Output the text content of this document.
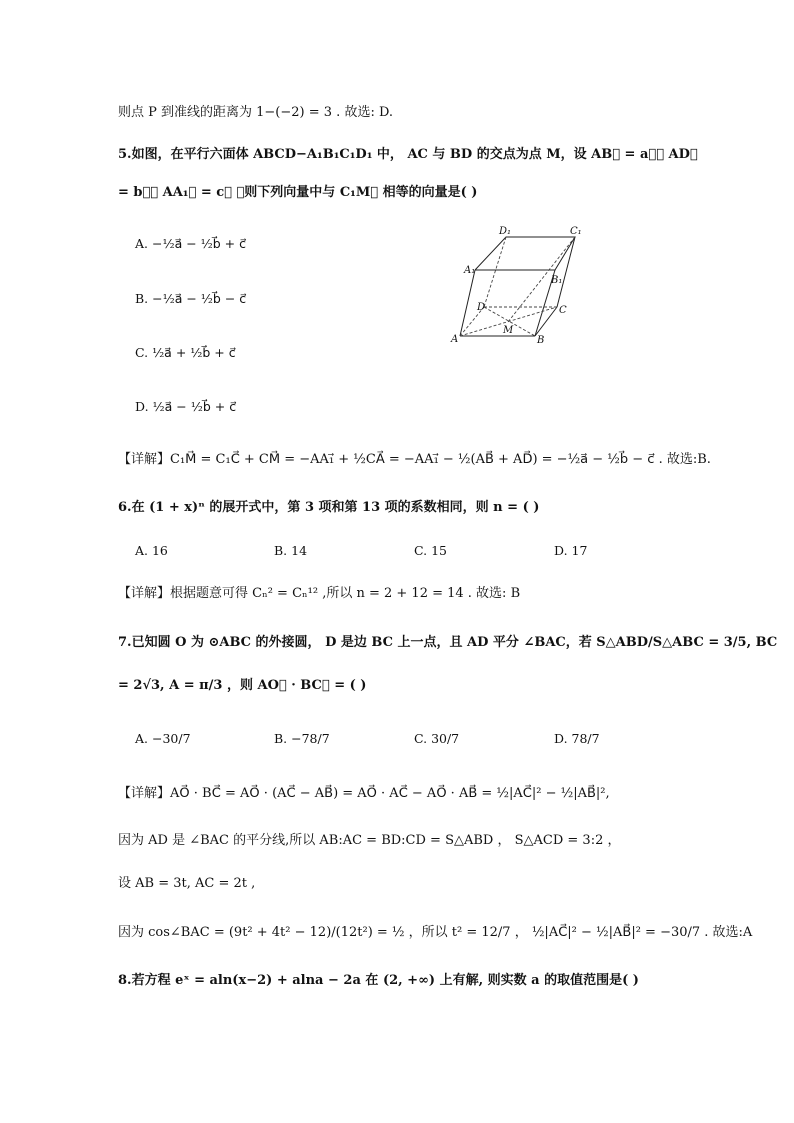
则点 P 到准线的距离为 1−(−2) = 3 . 故选: D.
5.如图，在平行六面体 ABCD−A₁B₁C₁D₁ 中， AC 与 BD 的交点为点 M，设 AB⃗ = a⃗， AD⃗
= b⃗， AA₁⃗ = c⃗ ，则下列向量中与 C₁M⃗ 相等的向量是( )
A. −½a⃗ − ½b⃗ + c⃗
B. −½a⃗ − ½b⃗ − c⃗
C. ½a⃗ + ½b⃗ + c⃗
D. ½a⃗ − ½b⃗ + c⃗
A	B
C
D
A₁
B₁
C₁
D₁
M
【详解】C₁M⃗ = C₁C⃗ + CM⃗ = −AA₁⃗ + ½CA⃗ = −AA₁⃗ − ½(AB⃗ + AD⃗) = −½a⃗ − ½b⃗ − c⃗ . 故选:B.
6.在 (1 + x)ⁿ 的展开式中，第 3 项和第 13 项的系数相同，则 n = ( )
A. 16	B. 14	C. 15	D. 17
【详解】根据题意可得 Cₙ² = Cₙ¹² ,所以 n = 2 + 12 = 14 . 故选: B
7.已知圆 O 为 ⊙ABC 的外接圆， D 是边 BC 上一点，且 AD 平分 ∠BAC，若 S△ABD/S△ABC = 3/5, BC
= 2√3, A = π/3 ，则 AO⃗ · BC⃗ = ( )
A. −30/7	B. −78/7	C. 30/7	D. 78/7
【详解】AO⃗ · BC⃗ = AO⃗ · (AC⃗ − AB⃗) = AO⃗ · AC⃗ − AO⃗ · AB⃗ = ½|AC⃗|² − ½|AB⃗|²,
因为 AD 是 ∠BAC 的平分线,所以 AB:AC = BD:CD = S△ABD ， S△ACD = 3:2 ，
设 AB = 3t, AC = 2t ,
因为 cos∠BAC = (9t² + 4t² − 12)/(12t²) = ½ ，所以 t² = 12/7 ， ½|AC⃗|² − ½|AB⃗|² = −30/7 . 故选:A
8.若方程 eˣ = aln(x−2) + alna − 2a 在 (2, +∞) 上有解, 则实数 a 的取值范围是( )
